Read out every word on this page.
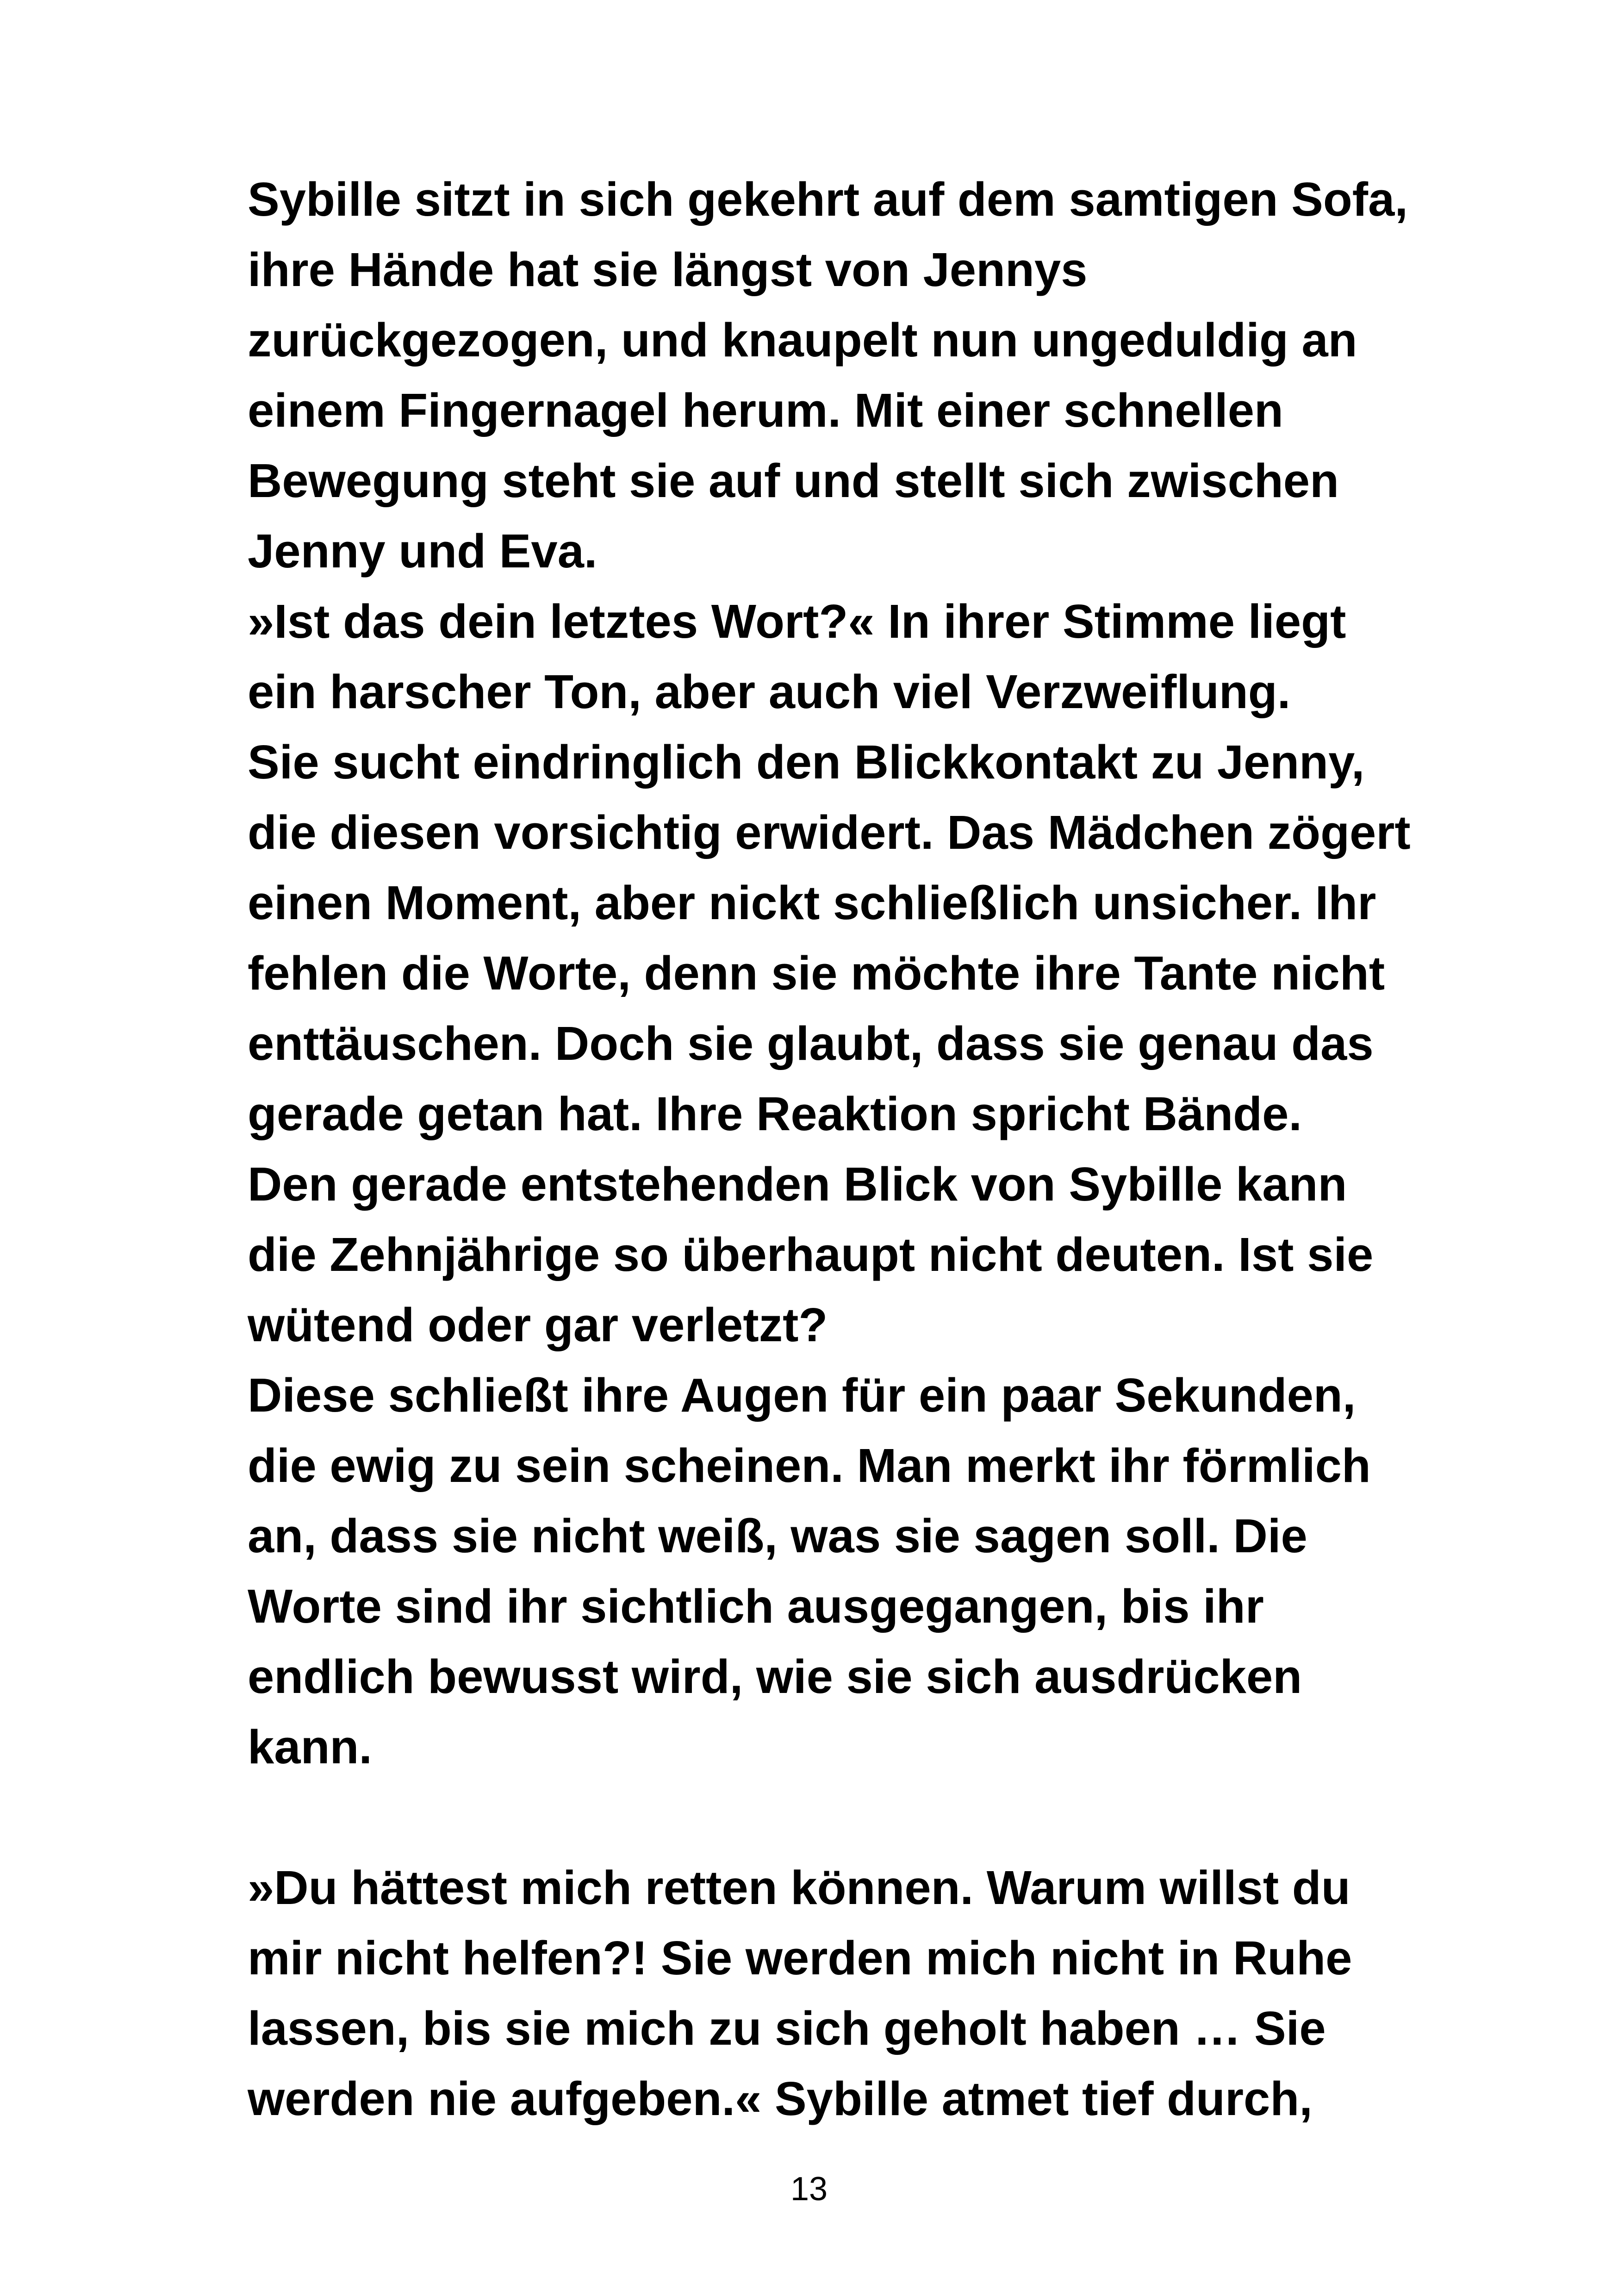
Sybille sitzt in sich gekehrt auf dem samtigen Sofa,
ihre Hände hat sie längst von Jennys
zurückgezogen, und knaupelt nun ungeduldig an
einem Fingernagel herum. Mit einer schnellen
Bewegung steht sie auf und stellt sich zwischen
Jenny und Eva.
»Ist das dein letztes Wort?« In ihrer Stimme liegt
ein harscher Ton, aber auch viel Verzweiflung.
Sie sucht eindringlich den Blickkontakt zu Jenny,
die diesen vorsichtig erwidert. Das Mädchen zögert
einen Moment, aber nickt schließlich unsicher. Ihr
fehlen die Worte, denn sie möchte ihre Tante nicht
enttäuschen. Doch sie glaubt, dass sie genau das
gerade getan hat. Ihre Reaktion spricht Bände.
Den gerade entstehenden Blick von Sybille kann
die Zehnjährige so überhaupt nicht deuten. Ist sie
wütend oder gar verletzt?
Diese schließt ihre Augen für ein paar Sekunden,
die ewig zu sein scheinen. Man merkt ihr förmlich
an, dass sie nicht weiß, was sie sagen soll. Die
Worte sind ihr sichtlich ausgegangen, bis ihr
endlich bewusst wird, wie sie sich ausdrücken
kann.
»Du hättest mich retten können. Warum willst du
mir nicht helfen?! Sie werden mich nicht in Ruhe
lassen, bis sie mich zu sich geholt haben … Sie
werden nie aufgeben.« Sybille atmet tief durch,
13
